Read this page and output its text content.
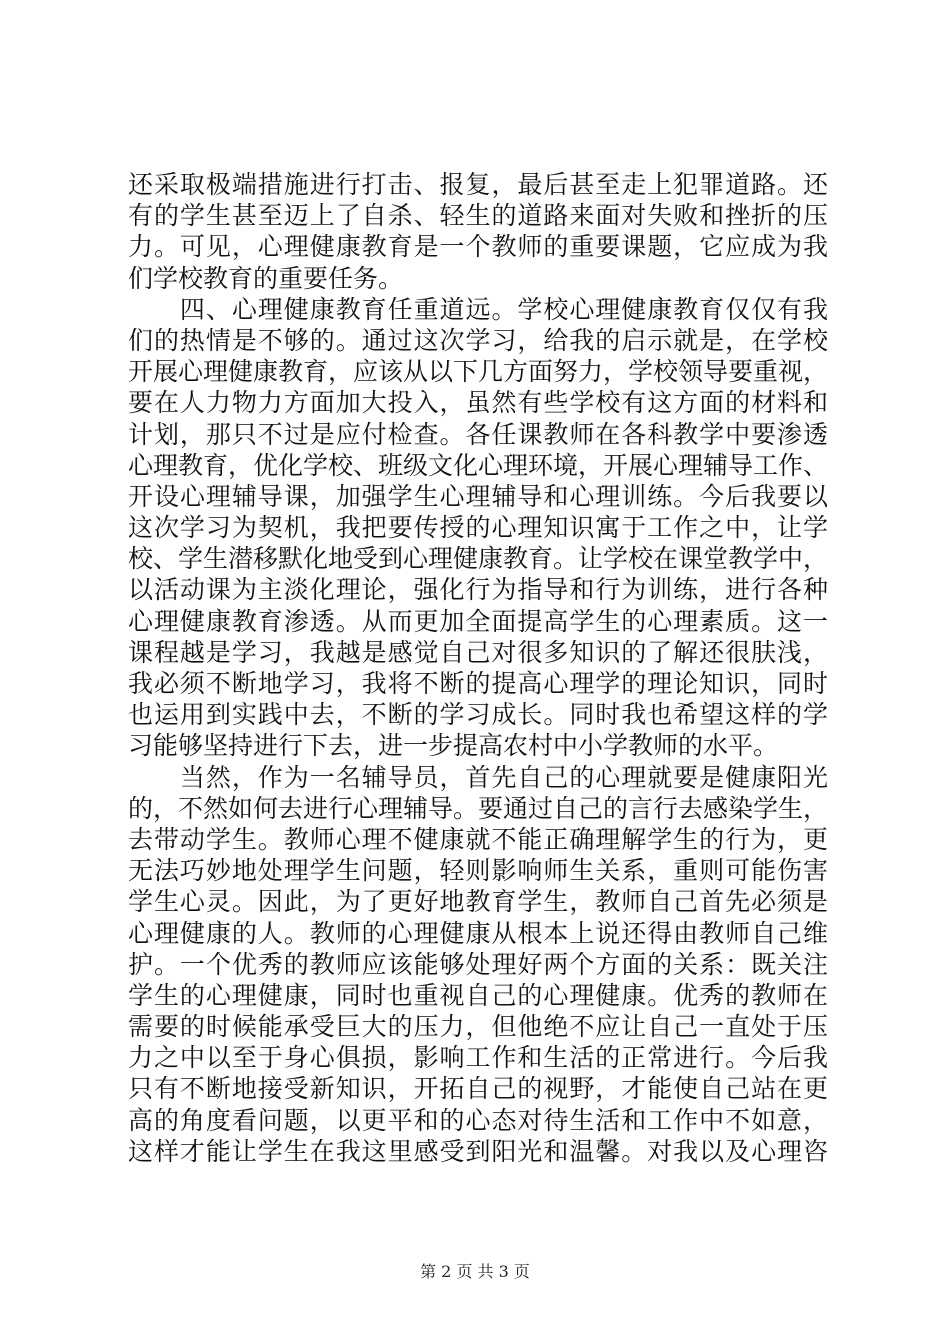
还采取极端措施进行打击、报复，最后甚至走上犯罪道路。还
有的学生甚至迈上了自杀、轻生的道路来面对失败和挫折的压
力。可见，心理健康教育是一个教师的重要课题，它应成为我
们学校教育的重要任务。
　　四、心理健康教育任重道远。学校心理健康教育仅仅有我
们的热情是不够的。通过这次学习，给我的启示就是，在学校
开展心理健康教育，应该从以下几方面努力，学校领导要重视，
要在人力物力方面加大投入，虽然有些学校有这方面的材料和
计划，那只不过是应付检查。各任课教师在各科教学中要渗透
心理教育，优化学校、班级文化心理环境，开展心理辅导工作、
开设心理辅导课，加强学生心理辅导和心理训练。今后我要以
这次学习为契机，我把要传授的心理知识寓于工作之中，让学
校、学生潜移默化地受到心理健康教育。让学校在课堂教学中，
以活动课为主淡化理论，强化行为指导和行为训练，进行各种
心理健康教育渗透。从而更加全面提高学生的心理素质。这一
课程越是学习，我越是感觉自己对很多知识的了解还很肤浅，
我必须不断地学习，我将不断的提高心理学的理论知识，同时
也运用到实践中去，不断的学习成长。同时我也希望这样的学
习能够坚持进行下去，进一步提高农村中小学教师的水平。
　　当然，作为一名辅导员，首先自己的心理就要是健康阳光
的，不然如何去进行心理辅导。要通过自己的言行去感染学生，
去带动学生。教师心理不健康就不能正确理解学生的行为，更
无法巧妙地处理学生问题，轻则影响师生关系，重则可能伤害
学生心灵。因此，为了更好地教育学生，教师自己首先必须是
心理健康的人。教师的心理健康从根本上说还得由教师自己维
护。一个优秀的教师应该能够处理好两个方面的关系：既关注
学生的心理健康，同时也重视自己的心理健康。优秀的教师在
需要的时候能承受巨大的压力，但他绝不应让自己一直处于压
力之中以至于身心俱损，影响工作和生活的正常进行。今后我
只有不断地接受新知识，开拓自己的视野，才能使自己站在更
高的角度看问题，以更平和的心态对待生活和工作中不如意，
这样才能让学生在我这里感受到阳光和温馨。对我以及心理咨
第 2 页 共 3 页
